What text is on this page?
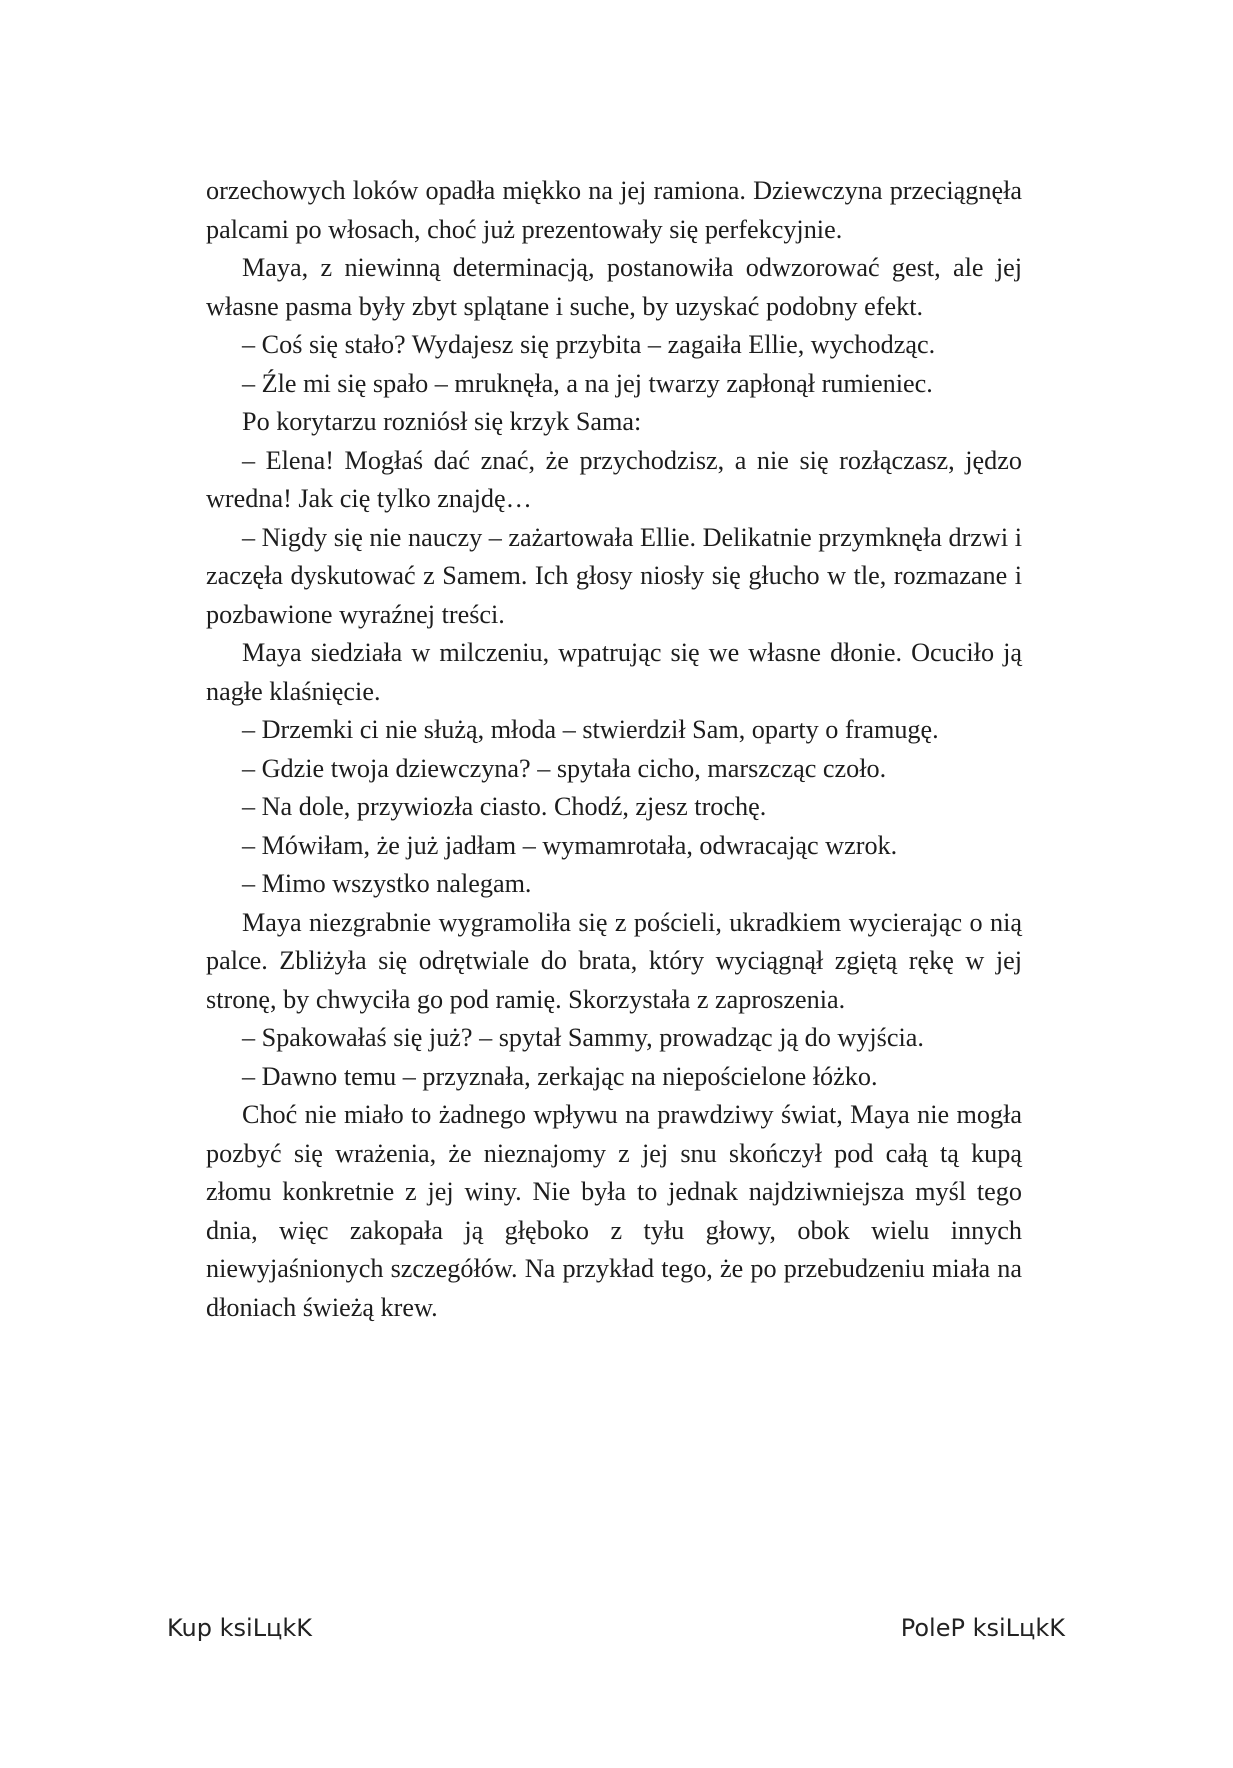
orzechowych loków opadła miękko na jej ramiona. Dziewczyna przeciągnęła palcami po włosach, choć już prezentowały się perfekcyjnie.

Maya, z niewinną determinacją, postanowiła odwzorować gest, ale jej własne pasma były zbyt splątane i suche, by uzyskać podobny efekt.

– Coś się stało? Wydajesz się przybita – zagaiła Ellie, wychodząc.

– Źle mi się spało – mruknęła, a na jej twarzy zapłonął rumieniec.

Po korytarzu rozniósł się krzyk Sama:

– Elena! Mogłaś dać znać, że przychodzisz, a nie się rozłączasz, jędzo wredna! Jak cię tylko znajdę…

– Nigdy się nie nauczy – zażartowała Ellie. Delikatnie przymknęła drzwi i zaczęła dyskutować z Samem. Ich głosy niosły się głucho w tle, rozmazane i pozbawione wyraźnej treści.

Maya siedziała w milczeniu, wpatrując się we własne dłonie. Ocuciło ją nagłe klaśnięcie.

– Drzemki ci nie służą, młoda – stwierdził Sam, oparty o framugę.

– Gdzie twoja dziewczyna? – spytała cicho, marszcząc czoło.

– Na dole, przywiozła ciasto. Chodź, zjesz trochę.

– Mówiłam, że już jadłam – wymamrotała, odwracając wzrok.

– Mimo wszystko nalegam.

Maya niezgrabnie wygramoliła się z pościeli, ukradkiem wycierając o nią palce. Zbliżyła się odrętwiale do brata, który wyciągnął zgiętą rękę w jej stronę, by chwyciła go pod ramię. Skorzystała z zaproszenia.

– Spakowałaś się już? – spytał Sammy, prowadząc ją do wyjścia.

– Dawno temu – przyznała, zerkając na niepościelone łóżko.

Choć nie miało to żadnego wpływu na prawdziwy świat, Maya nie mogła pozbyć się wrażenia, że nieznajomy z jej snu skończył pod całą tą kupą złomu konkretnie z jej winy. Nie była to jednak najdziwniejsza myśl tego dnia, więc zakopała ją głęboko z tyłu głowy, obok wielu innych niewyjaśnionych szczegółów. Na przykład tego, że po przebudzeniu miała na dłoniach świeżą krew.

Kup ksiLцkK	PoleP ksiLцkK
